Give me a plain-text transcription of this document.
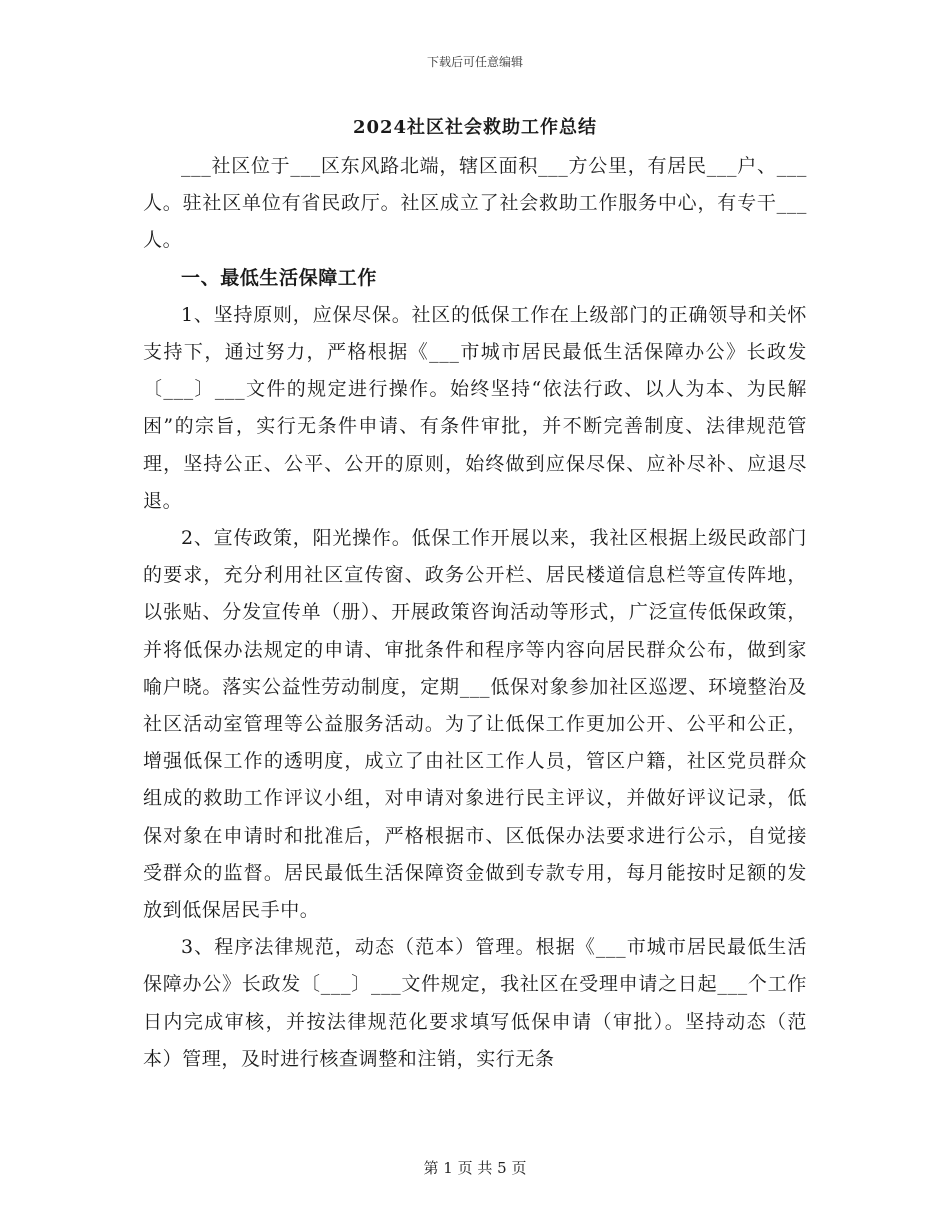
下载后可任意编辑
2024社区社会救助工作总结

___社区位于___区东风路北端，辖区面积___方公里，有居民___户、___人。驻社区单位有省民政厅。社区成立了社会救助工作服务中心，有专干___人。

一、最低生活保障工作

1、坚持原则，应保尽保。社区的低保工作在上级部门的正确领导和关怀支持下，通过努力，严格根据《___市城市居民最低生活保障办公》长政发〔___〕___文件的规定进行操作。始终坚持“依法行政、以人为本、为民解困”的宗旨，实行无条件申请、有条件审批，并不断完善制度、法律规范管理，坚持公正、公平、公开的原则，始终做到应保尽保、应补尽补、应退尽退。

2、宣传政策，阳光操作。低保工作开展以来，我社区根据上级民政部门的要求，充分利用社区宣传窗、政务公开栏、居民楼道信息栏等宣传阵地，以张贴、分发宣传单（册）、开展政策咨询活动等形式，广泛宣传低保政策，并将低保办法规定的申请、审批条件和程序等内容向居民群众公布，做到家喻户晓。落实公益性劳动制度，定期___低保对象参加社区巡逻、环境整治及社区活动室管理等公益服务活动。为了让低保工作更加公开、公平和公正，增强低保工作的透明度，成立了由社区工作人员，管区户籍，社区党员群众组成的救助工作评议小组，对申请对象进行民主评议，并做好评议记录，低保对象在申请时和批准后，严格根据市、区低保办法要求进行公示，自觉接受群众的监督。居民最低生活保障资金做到专款专用，每月能按时足额的发放到低保居民手中。

3、程序法律规范，动态（范本）管理。根据《___市城市居民最低生活保障办公》长政发〔___〕___文件规定，我社区在受理申请之日起___个工作日内完成审核，并按法律规范化要求填写低保申请（审批）。坚持动态（范本）管理，及时进行核查调整和注销，实行无条

第 1 页 共 5 页
